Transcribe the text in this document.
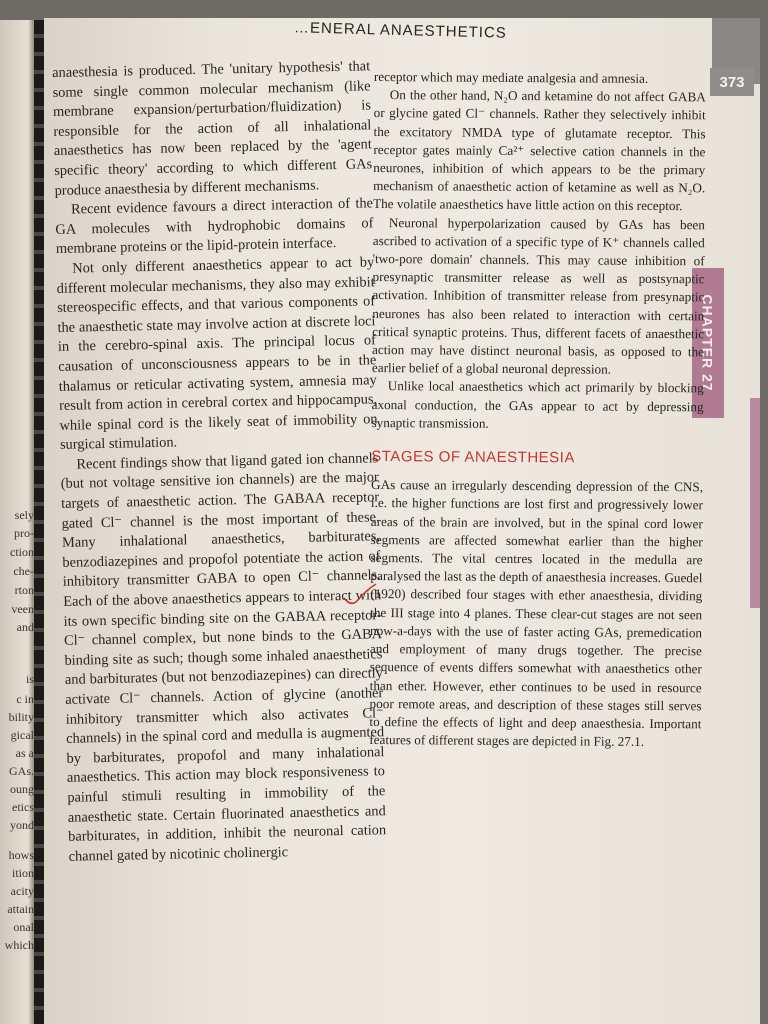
sely
pro-
ction
che-
rton
veen
and
is
c in
bility
gical
as a
GAs.
oung
etics
yond
hows
ition
acity
attain
onal
which
…ENERAL ANAESTHETICS
373
CHAPTER 27

anaesthesia is produced. The 'unitary hypothesis' that some single common molecular mechanism (like membrane expansion/perturbation/fluidization) is responsible for the action of all inhalational anaesthetics has now been replaced by the 'agent specific theory' according to which different GAs produce anaesthesia by different mechanisms.

Recent evidence favours a direct interaction of the GA molecules with hydrophobic domains of membrane proteins or the lipid-protein interface.

Not only different anaesthetics appear to act by different molecular mechanisms, they also may exhibit stereospecific effects, and that various components of the anaesthetic state may involve action at discrete loci in the cerebro-spinal axis. The principal locus of causation of unconsciousness appears to be in the thalamus or reticular activating system, amnesia may result from action in cerebral cortex and hippocampus, while spinal cord is the likely seat of immobility on surgical stimulation.

Recent findings show that ligand gated ion channels (but not voltage sensitive ion channels) are the major targets of anaesthetic action. The GABAA receptor gated Cl⁻ channel is the most important of these. Many inhalational anaesthetics, barbiturates, benzodiazepines and propofol potentiate the action of inhibitory transmitter GABA to open Cl⁻ channels. Each of the above anaesthetics appears to interact with its own specific binding site on the GABAA receptor-Cl⁻ channel complex, but none binds to the GABA binding site as such; though some inhaled anaesthetics and barbiturates (but not benzodiazepines) can directly activate Cl⁻ channels. Action of glycine (another inhibitory transmitter which also activates Cl⁻ channels) in the spinal cord and medulla is augmented by barbiturates, propofol and many inhalational anaesthetics. This action may block responsiveness to painful stimuli resulting in immobility of the anaesthetic state. Certain fluorinated anaesthetics and barbiturates, in addition, inhibit the neuronal cation channel gated by nicotinic cholinergic

receptor which may mediate analgesia and amnesia.

On the other hand, N₂O and ketamine do not affect GABA or glycine gated Cl⁻ channels. Rather they selectively inhibit the excitatory NMDA type of glutamate receptor. This receptor gates mainly Ca²⁺ selective cation channels in the neurones, inhibition of which appears to be the primary mechanism of anaesthetic action of ketamine as well as N₂O. The volatile anaesthetics have little action on this receptor.

Neuronal hyperpolarization caused by GAs has been ascribed to activation of a specific type of K⁺ channels called 'two-pore domain' channels. This may cause inhibition of presynaptic transmitter release as well as postsynaptic activation. Inhibition of transmitter release from presynaptic neurones has also been related to interaction with certain critical synaptic proteins. Thus, different facets of anaesthetic action may have distinct neuronal basis, as opposed to the earlier belief of a global neuronal depression.

Unlike local anaesthetics which act primarily by blocking axonal conduction, the GAs appear to act by depressing synaptic transmission.

STAGES OF ANAESTHESIA

GAs cause an irregularly descending depression of the CNS, i.e. the higher functions are lost first and progressively lower areas of the brain are involved, but in the spinal cord lower segments are affected somewhat earlier than the higher segments. The vital centres located in the medulla are paralysed the last as the depth of anaesthesia increases. Guedel (1920) described four stages with ether anaesthesia, dividing the III stage into 4 planes. These clear-cut stages are not seen now-a-days with the use of faster acting GAs, premedication and employment of many drugs together. The precise sequence of events differs somewhat with anaesthetics other than ether. However, ether continues to be used in resource poor remote areas, and description of these stages still serves to define the effects of light and deep anaesthesia. Important features of different stages are depicted in Fig. 27.1.
